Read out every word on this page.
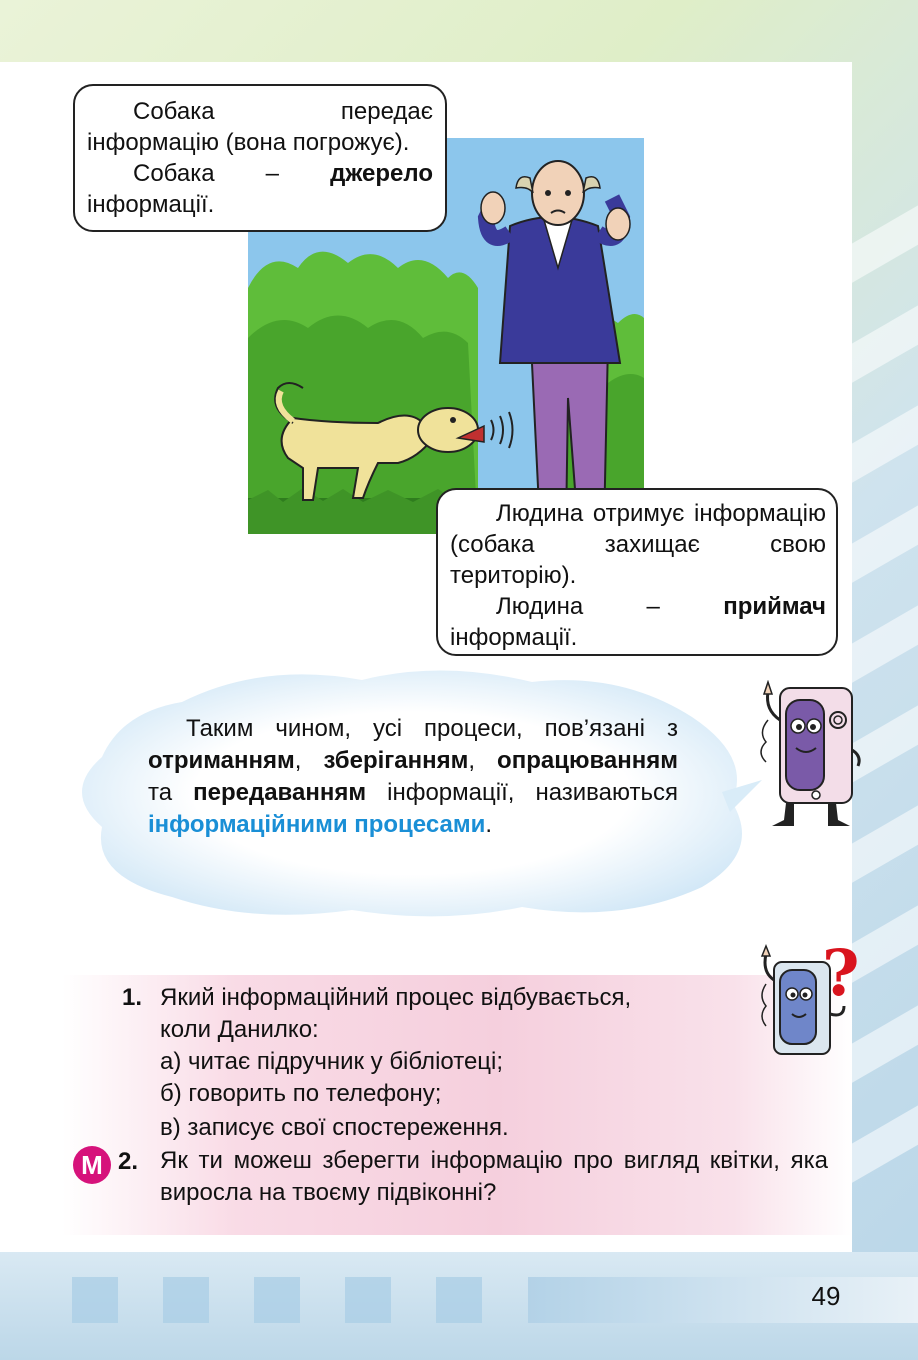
49

Собака передає інформацію (вона погрожує).

Собака – джерело інформації.

Людина отримує інформацію (собака захищає свою територію).

Людина – приймач інформації.

Таким чином, усі процеси, пов’язані з отриманням, зберіганням, опрацюванням та передаванням інформації, називаються інформаційними процесами.

1. Який інформаційний процес відбувається,
коли Данилко:
а) читає підручник у бібліотеці;
б) говорить по телефону;
в) записує свої спостереження.
М 2. Як ти можеш зберегти інформацію про вигляд квітки, яка виросла на твоєму підвіконні?
?
